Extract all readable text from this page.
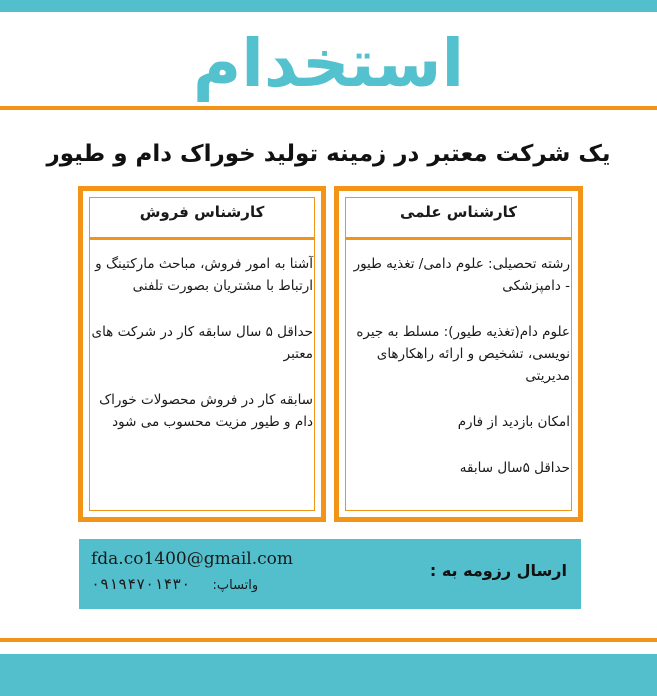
استخدام
یک شرکت معتبر در زمینه تولید خوراک دام و طیور
کارشناس فروش

آشنا به امور فروش، مباحث مارکتینگ و ارتباط با مشتریان بصورت تلفنی

حداقل ۵ سال سابقه کار در شرکت های معتبر

سابقه کار در فروش محصولات خوراک دام و طیور مزیت محسوب می شود

کارشناس علمی

رشته تحصیلی: علوم دامی/ تغذیه طیور - دامپزشکی

علوم دام(تغذیه طیور): مسلط به جیره نویسی، تشخیص و ارائه راهکارهای مدیریتی

امکان بازدید از فارم

حداقل ۵سال سابقه

ارسال رزومه به :
fda.co1400@gmail.com
واتساپ: ۰۹۱۹۴۷۰۱۴۳۰
